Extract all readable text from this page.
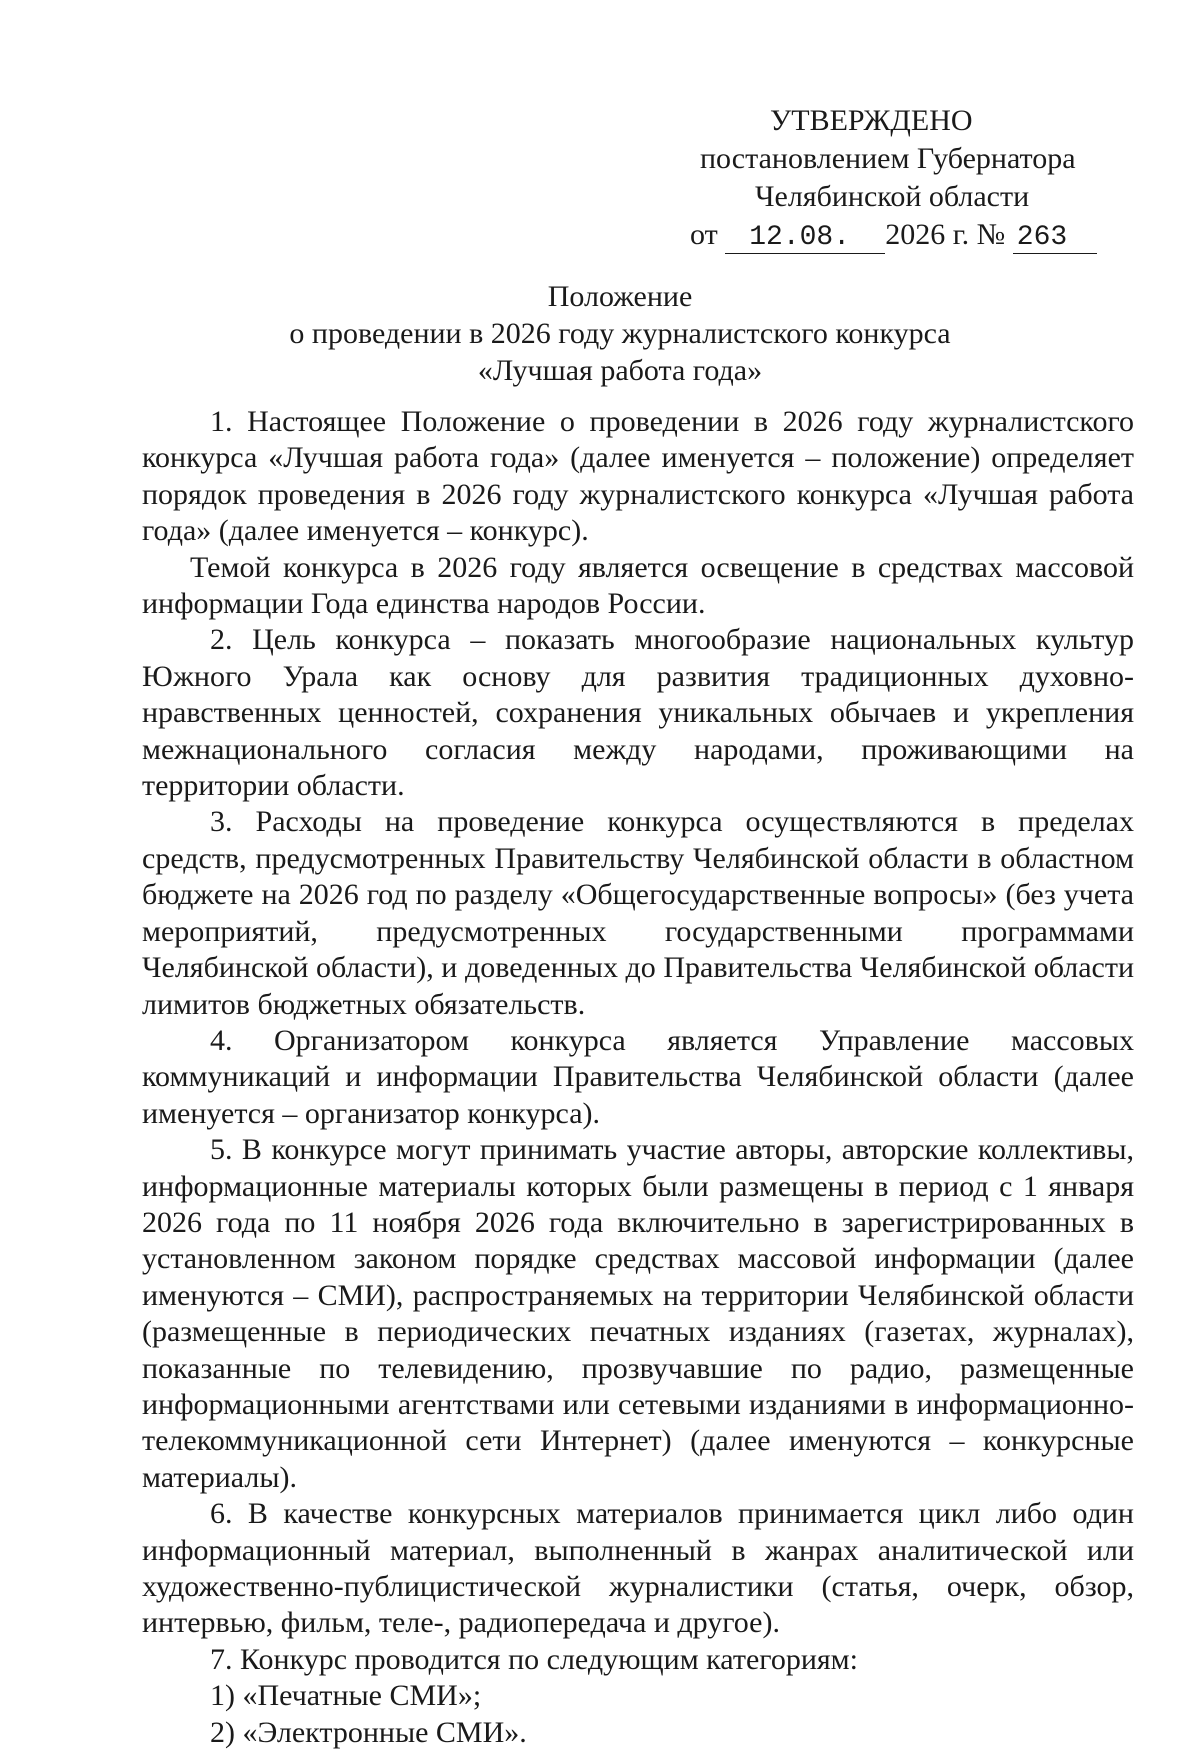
УТВЕРЖДЕНО
постановлением Губернатора
Челябинской области
от 12.08. 2026 г. № 263
Положение
о проведении в 2026 году журналистского конкурса
«Лучшая работа года»

1. Настоящее Положение о проведении в 2026 году журналистского конкурса «Лучшая работа года» (далее именуется – положение) определяет порядок проведения в 2026 году журналистского конкурса «Лучшая работа года» (далее именуется – конкурс).

Темой конкурса в 2026 году является освещение в средствах массовой информации Года единства народов России.

2. Цель конкурса – показать многообразие национальных культур Южного Урала как основу для развития традиционных духовно-нравственных ценностей, сохранения уникальных обычаев и укрепления межнационального согласия между народами, проживающими на территории области.

3. Расходы на проведение конкурса осуществляются в пределах средств, предусмотренных Правительству Челябинской области в областном бюджете на 2026 год по разделу «Общегосударственные вопросы» (без учета мероприятий, предусмотренных государственными программами Челябинской области), и доведенных до Правительства Челябинской области лимитов бюджетных обязательств.

4. Организатором конкурса является Управление массовых коммуникаций и информации Правительства Челябинской области (далее именуется – организатор конкурса).

5. В конкурсе могут принимать участие авторы, авторские коллективы, информационные материалы которых были размещены в период с 1 января 2026 года по 11 ноября 2026 года включительно в зарегистрированных в установленном законом порядке средствах массовой информации (далее именуются – СМИ), распространяемых на территории Челябинской области (размещенные в периодических печатных изданиях (газетах, журналах), показанные по телевидению, прозвучавшие по радио, размещенные информационными агентствами или сетевыми изданиями в информационно-телекоммуникационной сети Интернет) (далее именуются – конкурсные материалы).

6. В качестве конкурсных материалов принимается цикл либо один информационный материал, выполненный в жанрах аналитической или художественно-публицистической журналистики (статья, очерк, обзор, интервью, фильм, теле-, радиопередача и другое).

7. Конкурс проводится по следующим категориям:

1) «Печатные СМИ»;

2) «Электронные СМИ».
